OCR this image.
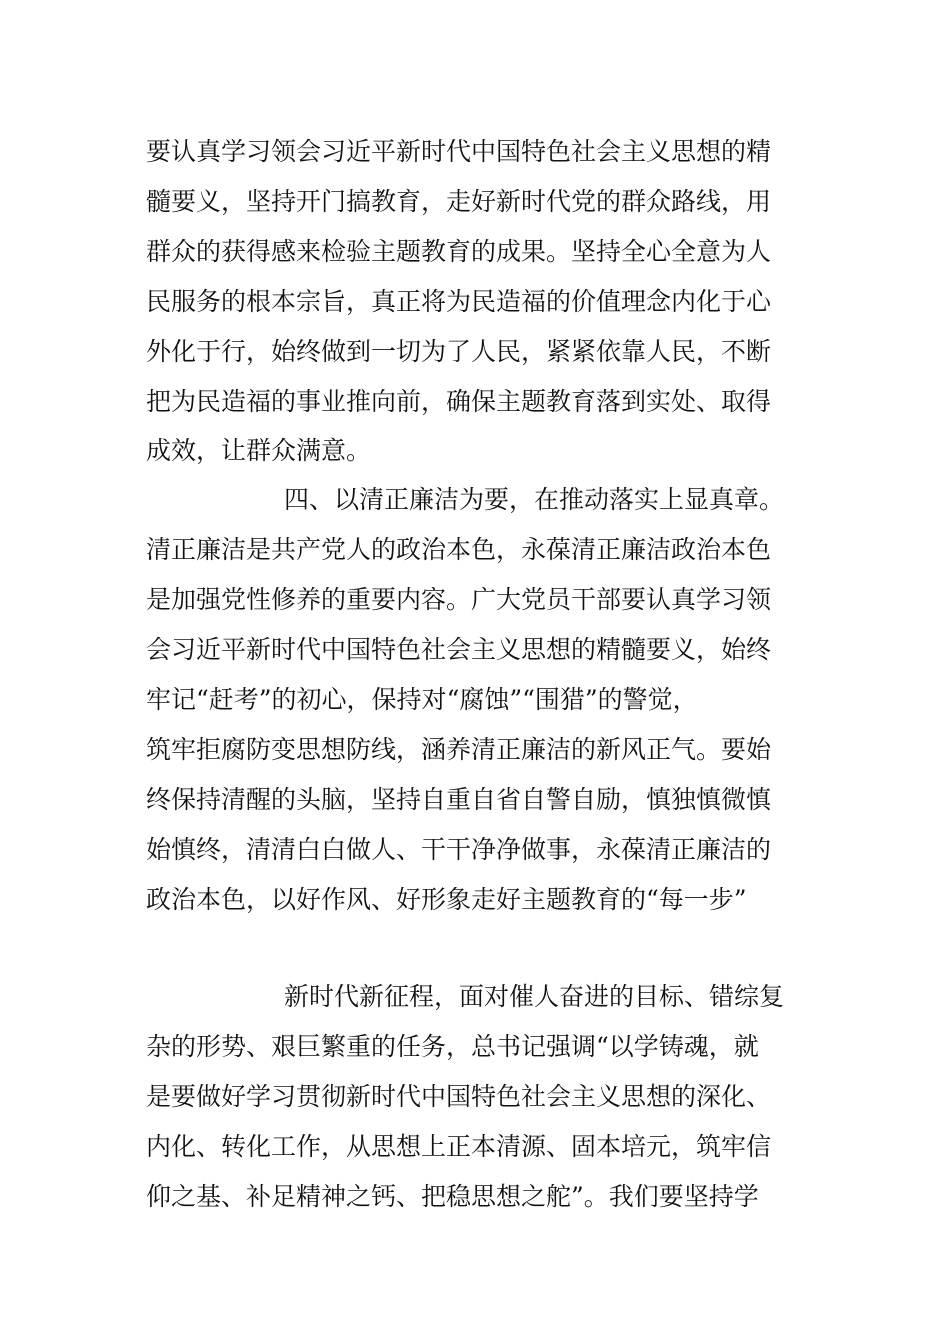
要认真学习领会习近平新时代中国特色社会主义思想的精
髓要义，坚持开门搞教育，走好新时代党的群众路线，用
群众的获得感来检验主题教育的成果。坚持全心全意为人
民服务的根本宗旨，真正将为民造福的价值理念内化于心
外化于行，始终做到一切为了人民，紧紧依靠人民，不断
把为民造福的事业推向前，确保主题教育落到实处、取得
成效，让群众满意。
四、以清正廉洁为要，在推动落实上显真章。
清正廉洁是共产党人的政治本色，永葆清正廉洁政治本色
是加强党性修养的重要内容。广大党员干部要认真学习领
会习近平新时代中国特色社会主义思想的精髓要义，始终
牢记“赶考”的初心，保持对“腐蚀”“围猎”的警觉，
筑牢拒腐防变思想防线，涵养清正廉洁的新风正气。要始
终保持清醒的头脑，坚持自重自省自警自励，慎独慎微慎
始慎终，清清白白做人、干干净净做事，永葆清正廉洁的
政治本色，以好作风、好形象走好主题教育的“每一步”
新时代新征程，面对催人奋进的目标、错综复
杂的形势、艰巨繁重的任务，总书记强调“以学铸魂，就
是要做好学习贯彻新时代中国特色社会主义思想的深化、
内化、转化工作，从思想上正本清源、固本培元，筑牢信
仰之基、补足精神之钙、把稳思想之舵”。我们要坚持学
